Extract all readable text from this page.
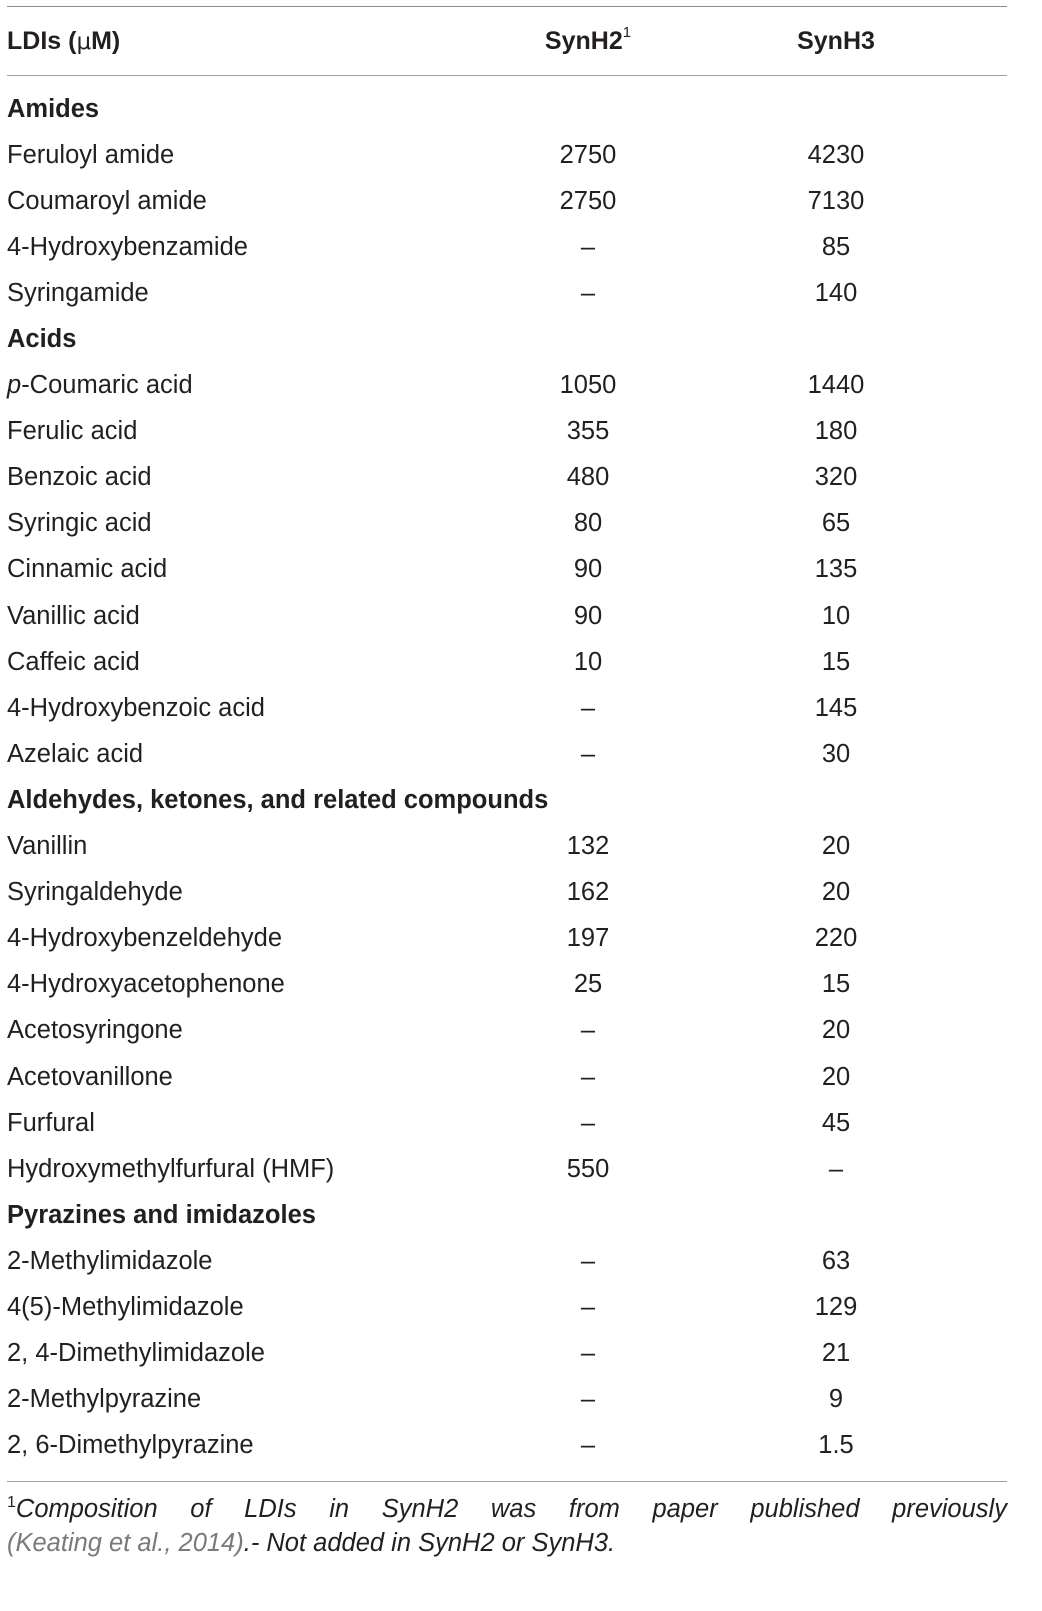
LDIs (μM)	$SynH2^1$	SynH3
Amides
Feruloyl amide	2750	4230
Coumaroyl amide	2750	7130
4-Hydroxybenzamide	–	85
Syringamide	–	140
Acids
p-Coumaric acid	1050	1440
Ferulic acid	355	180
Benzoic acid	480	320
Syringic acid	80	65
Cinnamic acid	90	135
Vanillic acid	90	10
Caffeic acid	10	15
4-Hydroxybenzoic acid	–	145
Azelaic acid	–	30
Aldehydes, ketones, and related compounds
Vanillin	132	20
Syringaldehyde	162	20
4-Hydroxybenzeldehyde	197	220
4-Hydroxyacetophenone	25	15
Acetosyringone	–	20
Acetovanillone	–	20
Furfural	–	45
Hydroxymethylfurfural (HMF)	550	–
Pyrazines and imidazoles
2-Methylimidazole	–	63
4(5)-Methylimidazole	–	129
2, 4-Dimethylimidazole	–	21
2-Methylpyrazine	–	9
2, 6-Dimethylpyrazine	–	1.5
$^1$Composition of LDIs in SynH2 was from paper published previously
(Keating et al., 2014).- Not added in SynH2 or SynH3.
